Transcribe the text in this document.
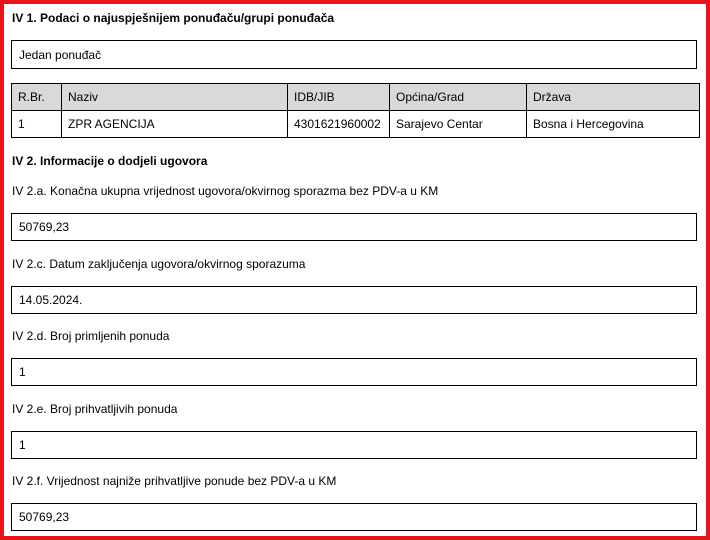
IV 1. Podaci o najuspješnijem ponuđaču/grupi ponuđača
Jedan ponuđač
R.Br.	Naziv	IDB/JIB	Općina/Grad	Država
1	ZPR AGENCIJA	4301621960002	Sarajevo Centar	Bosna i Hercegovina
IV 2. Informacije o dodjeli ugovora
IV 2.a. Konačna ukupna vrijednost ugovora/okvirnog sporazma bez PDV-a u KM
50769,23
IV 2.c. Datum zaključenja ugovora/okvirnog sporazuma
14.05.2024.
IV 2.d. Broj primljenih ponuda
1
IV 2.e. Broj prihvatljivih ponuda
1
IV 2.f. Vrijednost najniže prihvatljive ponude bez PDV-a u KM
50769,23
